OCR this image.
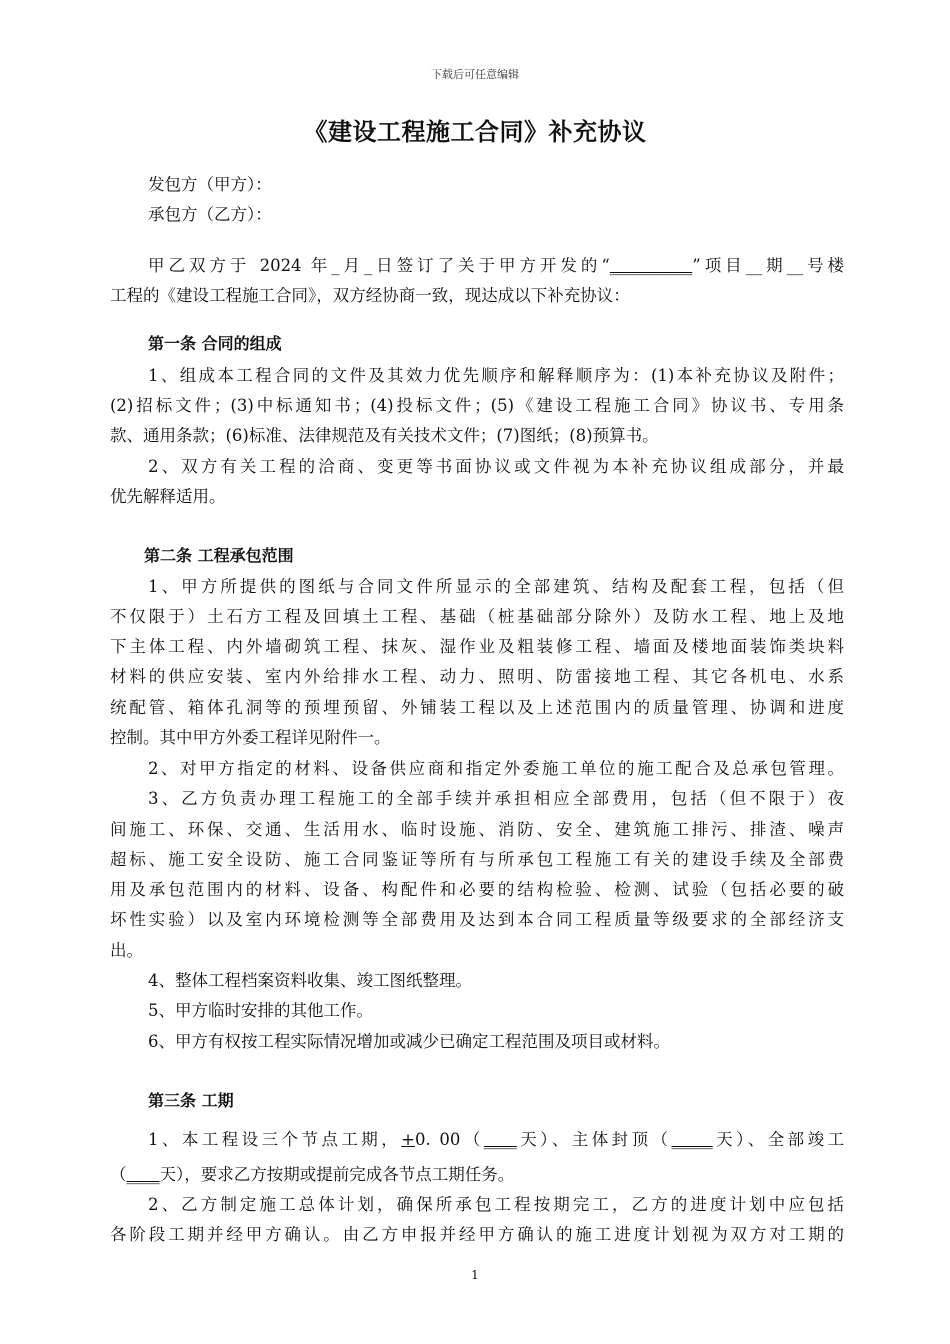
下载后可任意编辑
《建设工程施工合同》补充协议
发包方（甲方）：
承包方（乙方）：
甲乙双方于 2024 年_月_日签订了关于甲方开发的“__________”项目__期__号楼
工程的《建设工程施工合同》，双方经协商一致，现达成以下补充协议：
第一条 合同的组成
1、组成本工程合同的文件及其效力优先顺序和解释顺序为：(1)本补充协议及附件；
(2)招标文件；(3)中标通知书；(4)投标文件；(5)《建设工程施工合同》协议书、专用条
款、通用条款；(6)标准、法律规范及有关技术文件；(7)图纸；(8)预算书。
2、双方有关工程的洽商、变更等书面协议或文件视为本补充协议组成部分，并最
优先解释适用。
第二条 工程承包范围
1、甲方所提供的图纸与合同文件所显示的全部建筑、结构及配套工程，包括（但
不仅限于）土石方工程及回填土工程、基础（桩基础部分除外）及防水工程、地上及地
下主体工程、内外墙砌筑工程、抹灰、湿作业及粗装修工程、墙面及楼地面装饰类块料
材料的供应安装、室内外给排水工程、动力、照明、防雷接地工程、其它各机电、水系
统配管、箱体孔洞等的预埋预留、外铺装工程以及上述范围内的质量管理、协调和进度
控制。其中甲方外委工程详见附件一。
2、对甲方指定的材料、设备供应商和指定外委施工单位的施工配合及总承包管理。
3、乙方负责办理工程施工的全部手续并承担相应全部费用，包括（但不限于）夜
间施工、环保、交通、生活用水、临时设施、消防、安全、建筑施工排污、排渣、噪声
超标、施工安全设防、施工合同鉴证等所有与所承包工程施工有关的建设手续及全部费
用及承包范围内的材料、设备、构配件和必要的结构检验、检测、试验（包括必要的破
坏性实验）以及室内环境检测等全部费用及达到本合同工程质量等级要求的全部经济支
出。
4、整体工程档案资料收集、竣工图纸整理。
5、甲方临时安排的其他工作。
6、甲方有权按工程实际情况增加或减少已确定工程范围及项目或材料。
第三条 工期
1、本工程设三个节点工期，+0. 00（____天）、主体封顶（_____天）、全部竣工
（____天），要求乙方按期或提前完成各节点工期任务。
2、乙方制定施工总体计划，确保所承包工程按期完工，乙方的进度计划中应包括
各阶段工期并经甲方确认。由乙方申报并经甲方确认的施工进度计划视为双方对工期的
1
